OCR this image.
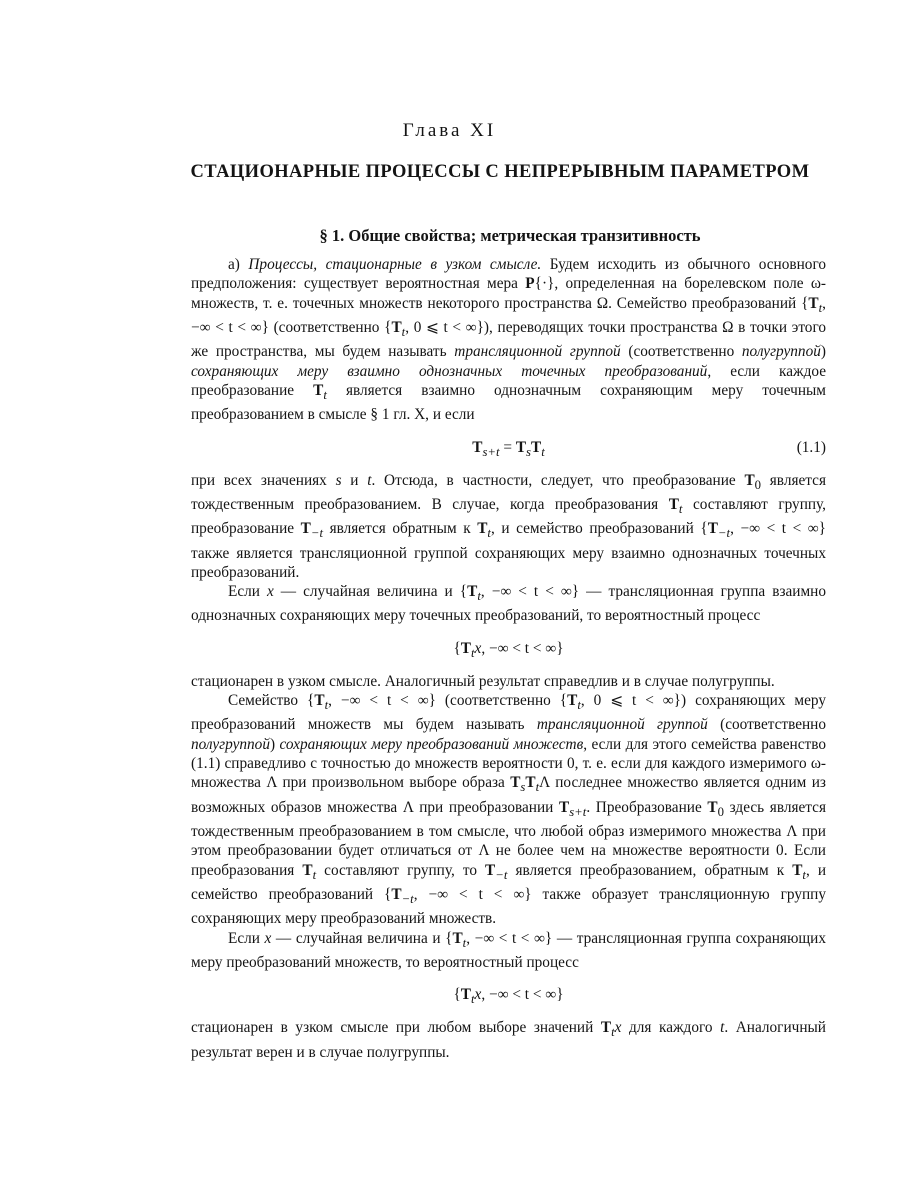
Глава XI
СТАЦИОНАРНЫЕ ПРОЦЕССЫ С НЕПРЕРЫВНЫМ ПАРАМЕТРОМ
§ 1. Общие свойства; метрическая транзитивность

а) Процессы, стационарные в узком смысле. Будем исходить из обычного основного предположения: существует вероятностная мера P{·}, определенная на борелевском поле ω-множеств, т. е. точечных множеств некоторого пространства Ω. Семейство преобразований {$T_t$, −∞ < t < ∞} (соответственно {$T_t$, 0 ⩽ t < ∞}), переводящих точки пространства Ω в точки этого же пространства, мы будем называть трансляционной группой (соответственно полугруппой) сохраняющих меру взаимно однозначных точечных преобразований, если каждое преобразование $T_t$ является взаимно однозначным сохраняющим меру точечным преобразованием в смысле § 1 гл. X, и если

$T_{s+t} = T_sT_t$	(1.1)

при всех значениях s и t. Отсюда, в частности, следует, что преобразование $T_0$ является тождественным преобразованием. В случае, когда преобразования $T_t$ составляют группу, преобразование $T_{-t}$ является обратным к $T_t$, и семейство преобразований {$T_{-t}$, −∞ < t < ∞} также является трансляционной группой сохраняющих меру взаимно однозначных точечных преобразований.

Если x — случайная величина и {$T_t$, −∞ < t < ∞} — трансляционная группа взаимно однозначных сохраняющих меру точечных преобразований, то вероятностный процесс

{$T_tx$, −∞ < t < ∞}

стационарен в узком смысле. Аналогичный результат справедлив и в случае полугруппы.

Семейство {$T_t$, −∞ < t < ∞} (соответственно {$T_t$, 0 ⩽ t < ∞}) сохраняющих меру преобразований множеств мы будем называть трансляционной группой (соответственно полугруппой) сохраняющих меру преобразований множеств, если для этого семейства равенство (1.1) справедливо с точностью до множеств вероятности 0, т. е. если для каждого измеримого ω-множества Λ при произвольном выборе образа $T_sT_t\Lambda$ последнее множество является одним из возможных образов множества Λ при преобразовании $T_{s+t}$. Преобразование $T_0$ здесь является тождественным преобразованием в том смысле, что любой образ измеримого множества Λ при этом преобразовании будет отличаться от Λ не более чем на множестве вероятности 0. Если преобразования $T_t$ составляют группу, то $T_{-t}$ является преобразованием, обратным к $T_t$, и семейство преобразований {$T_{-t}$, −∞ < t < ∞} также образует трансляционную группу сохраняющих меру преобразований множеств.

Если x — случайная величина и {$T_t$, −∞ < t < ∞} — трансляционная группа сохраняющих меру преобразований множеств, то вероятностный процесс

{$T_tx$, −∞ < t < ∞}

стационарен в узком смысле при любом выборе значений $T_tx$ для каждого t. Аналогичный результат верен и в случае полугруппы.
